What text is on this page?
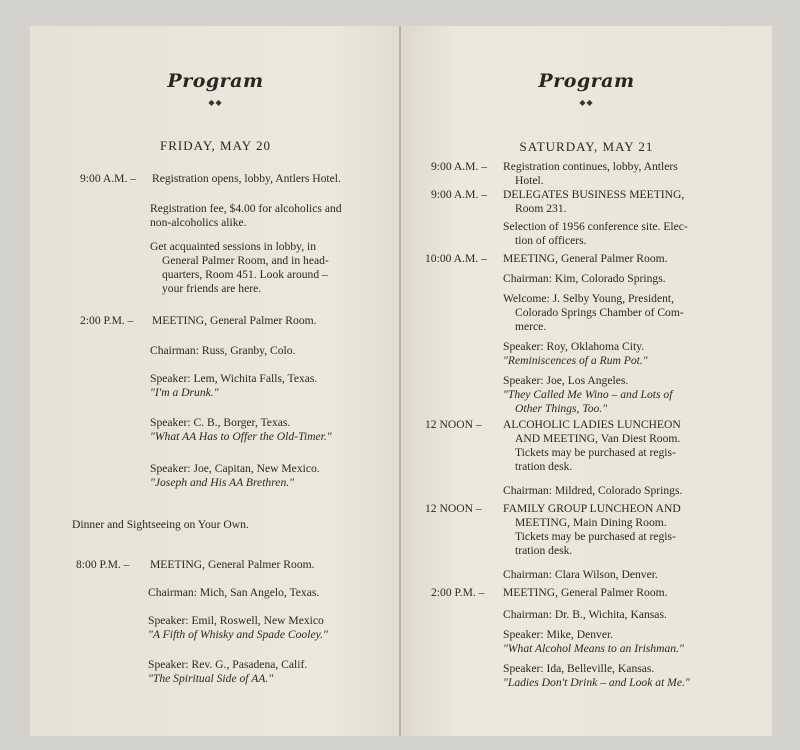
Program
◆◆
FRIDAY, MAY 20
9:00 A.M. – Registration opens, lobby, Antlers Hotel.
Registration fee, $4.00 for alcoholics and
non-alcoholics alike.
Get acquainted sessions in lobby, in
General Palmer Room, and in head-
quarters, Room 451. Look around –
your friends are here.
2:00 P.M. – MEETING, General Palmer Room.
Chairman: Russ, Granby, Colo.
Speaker: Lem, Wichita Falls, Texas.
"I'm a Drunk."
Speaker: C. B., Borger, Texas.
"What AA Has to Offer the Old-Timer."
Speaker: Joe, Capitan, New Mexico.
"Joseph and His AA Brethren."
Dinner and Sightseeing on Your Own.
8:00 P.M. – MEETING, General Palmer Room.
Chairman: Mich, San Angelo, Texas.
Speaker: Emil, Roswell, New Mexico
"A Fifth of Whisky and Spade Cooley."
Speaker: Rev. G., Pasadena, Calif.
"The Spiritual Side of AA."
Program
◆◆
SATURDAY, MAY 21
9:00 A.M. – Registration continues, lobby, Antlers
Hotel.
9:00 A.M. – DELEGATES BUSINESS MEETING,
Room 231.
Selection of 1956 conference site. Elec-
tion of officers.
10:00 A.M. – MEETING, General Palmer Room.
Chairman: Kim, Colorado Springs.
Welcome: J. Selby Young, President,
Colorado Springs Chamber of Com-
merce.
Speaker: Roy, Oklahoma City.
"Reminiscences of a Rum Pot."
Speaker: Joe, Los Angeles.
"They Called Me Wino – and Lots of
Other Things, Too."
12 NOON – ALCOHOLIC LADIES LUNCHEON
AND MEETING, Van Diest Room.
Tickets may be purchased at regis-
tration desk.
Chairman: Mildred, Colorado Springs.
12 NOON – FAMILY GROUP LUNCHEON AND
MEETING, Main Dining Room.
Tickets may be purchased at regis-
tration desk.
Chairman: Clara Wilson, Denver.
2:00 P.M. – MEETING, General Palmer Room.
Chairman: Dr. B., Wichita, Kansas.
Speaker: Mike, Denver.
"What Alcohol Means to an Irishman."
Speaker: Ida, Belleville, Kansas.
"Ladies Don't Drink – and Look at Me."
